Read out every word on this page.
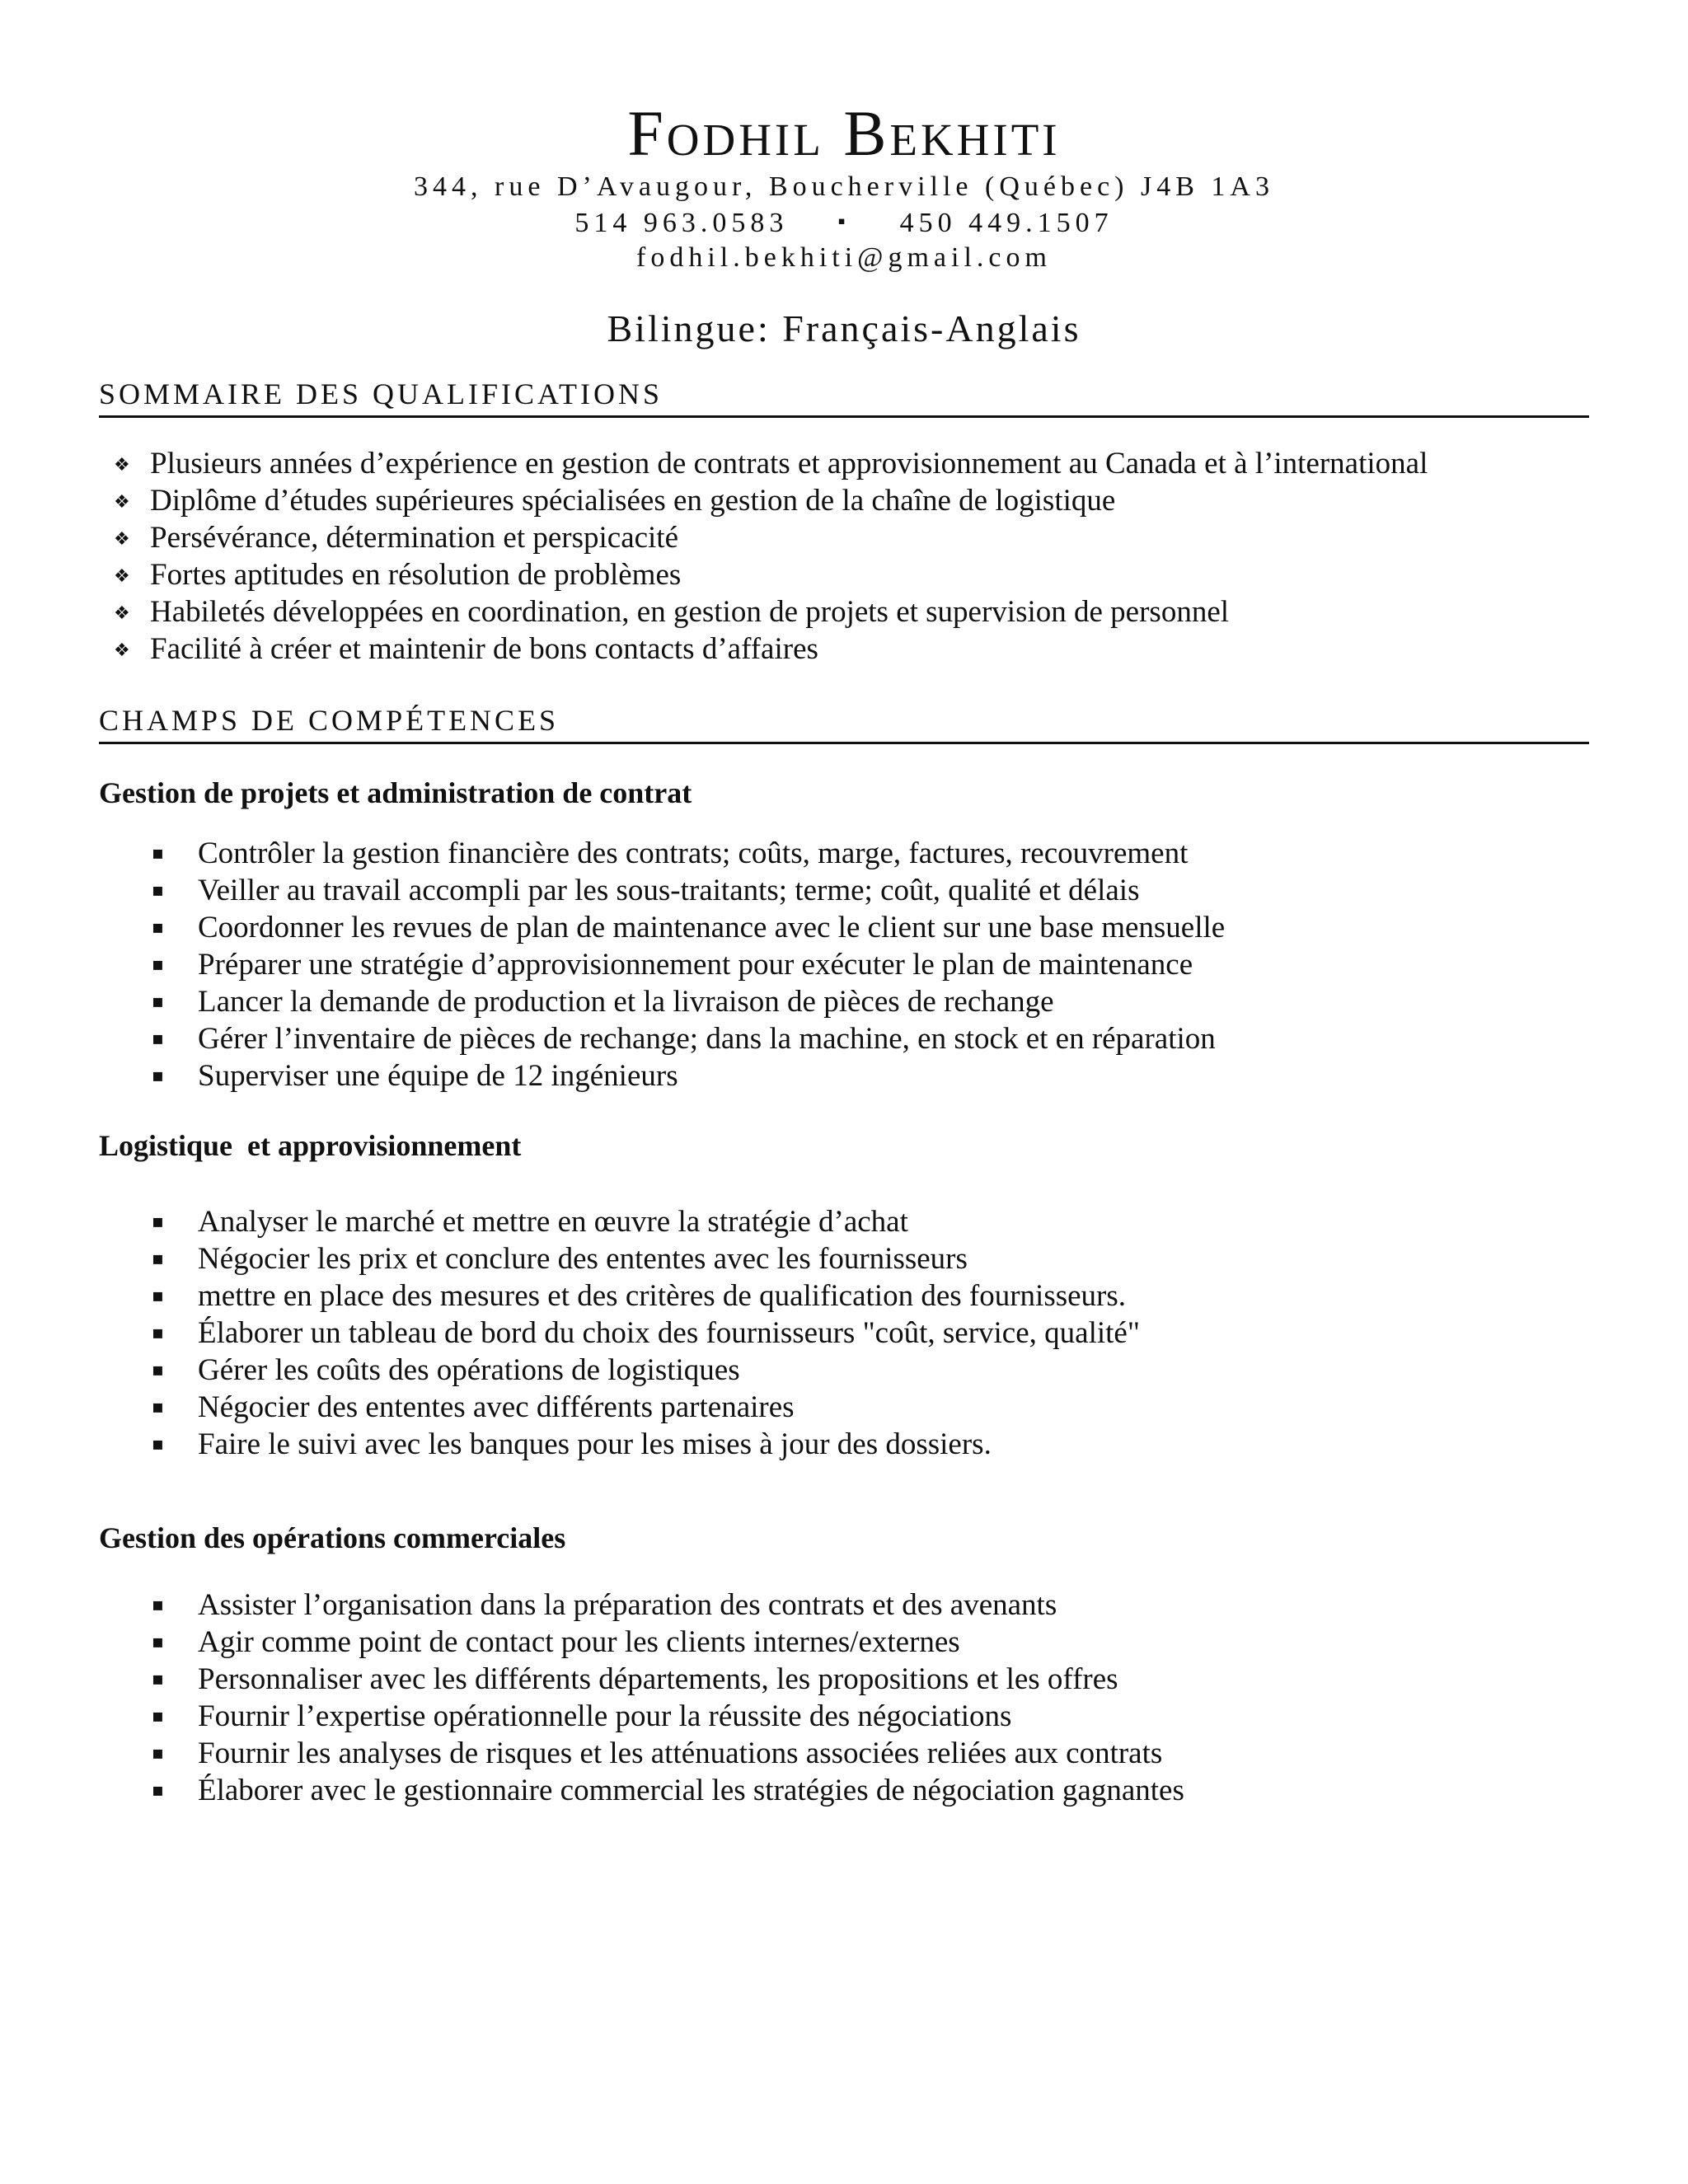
Fodhil Bekhiti
344, rue D’Avaugour, Boucherville (Québec) J4B 1A3
514 963.0583 ▪ 450 449.1507
fodhil.bekhiti@gmail.com
Bilingue: Français-Anglais
SOMMAIRE DES QUALIFICATIONS
❖ Plusieurs années d’expérience en gestion de contrats et approvisionnement au Canada et à l’international
❖ Diplôme d’études supérieures spécialisées en gestion de la chaîne de logistique
❖ Persévérance, détermination et perspicacité
❖ Fortes aptitudes en résolution de problèmes
❖ Habiletés développées en coordination, en gestion de projets et supervision de personnel
❖ Facilité à créer et maintenir de bons contacts d’affaires
CHAMPS DE COMPÉTENCES
Gestion de projets et administration de contrat
▪ Contrôler la gestion financière des contrats; coûts, marge, factures, recouvrement
▪ Veiller au travail accompli par les sous-traitants; terme; coût, qualité et délais
▪ Coordonner les revues de plan de maintenance avec le client sur une base mensuelle
▪ Préparer une stratégie d’approvisionnement pour exécuter le plan de maintenance
▪ Lancer la demande de production et la livraison de pièces de rechange
▪ Gérer l’inventaire de pièces de rechange; dans la machine, en stock et en réparation
▪ Superviser une équipe de 12 ingénieurs
Logistique  et approvisionnement
▪ Analyser le marché et mettre en œuvre la stratégie d’achat
▪ Négocier les prix et conclure des ententes avec les fournisseurs
▪ mettre en place des mesures et des critères de qualification des fournisseurs.
▪ Élaborer un tableau de bord du choix des fournisseurs "coût, service, qualité"
▪ Gérer les coûts des opérations de logistiques
▪ Négocier des ententes avec différents partenaires
▪ Faire le suivi avec les banques pour les mises à jour des dossiers.
Gestion des opérations commerciales
▪ Assister l’organisation dans la préparation des contrats et des avenants
▪ Agir comme point de contact pour les clients internes/externes
▪ Personnaliser avec les différents départements, les propositions et les offres
▪ Fournir l’expertise opérationnelle pour la réussite des négociations
▪ Fournir les analyses de risques et les atténuations associées reliées aux contrats
▪ Élaborer avec le gestionnaire commercial les stratégies de négociation gagnantes
